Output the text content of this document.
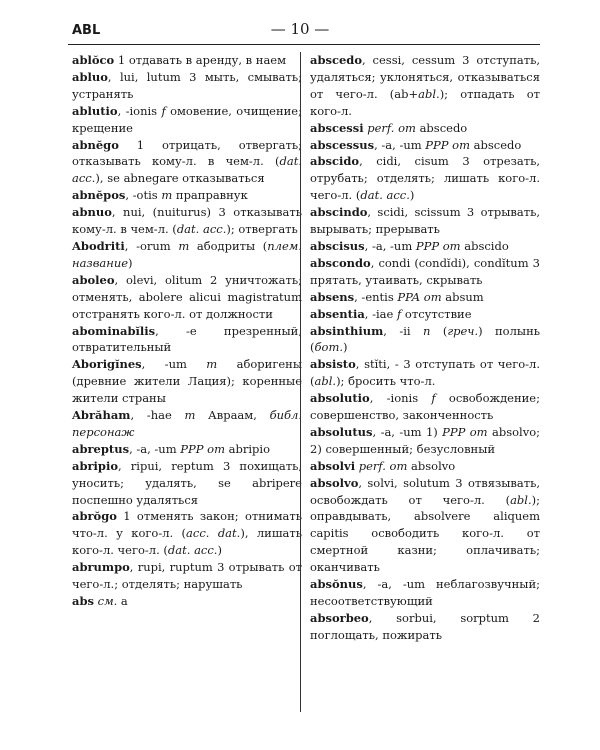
ABL	— 10 —

ablŏco 1 отдавать в аренду, в наем

abluo, lui, lutum 3 мыть, смывать; устранять

ablutio, -ionis f омовение, очищение; крещение

abnĕgo 1 отрицать, отвергать; отказывать кому-л. в чем-л. (dat. acc.), se abnegare отказываться

abnĕpos, -otis m праправнук

abnuo, nui, (nuiturus) 3 отказывать кому-л. в чем-л. (dat. acc.); отвергать

Abodriti, -orum m абодриты (плем. название)

aboleo, olevi, olitum 2 уничтожать; отменять, abolere alicui magistratum отстранять кого-л. от должности

abominabĭlis, -e презренный, отвратительный

Aborigĭnes, -um m аборигены (древние жители Лация); коренные жители страны

Abrăham, -hae m Авраам, библ. персонаж

abreptus, -a, -um PPP от abripio

abripio, ripui, reptum 3 похищать, уносить; удалять, se abripere поспешно удаляться

abrŏgo 1 отменять закон; отнимать что-л. у кого-л. (acc. dat.), лишать кого-л. чего-л. (dat. acc.)

abrumpo, rupi, ruptum 3 отрывать от чего-л.; отделять; нарушать

abs см. a

abscedo, cessi, cessum 3 отступать, удаляться; уклоняться, отказываться от чего-л. (ab+abl.); отпадать от кого-л.

abscessi perf. от abscedo

abscessus, -a, -um PPP от abscedo

abscido, cidi, cisum 3 отрезать, отрубать; отделять; лишать кого-л. чего-л. (dat. acc.)

abscindo, scidi, scissum 3 отрывать, вырывать; прерывать

abscisus, -a, -um PPP от abscido

abscondo, condi (condĭdi), condĭtum 3 прятать, утаивать, скрывать

absens, -entis PPA от absum

absentia, -iae f отсутствие

absinthium, -ii n (греч.) полынь (бот.)

absisto, stĭti, - 3 отступать от чего-л. (abl.); бросить что-л.

absolutio, -ionis f освобождение; совершенство, законченность

absolutus, -a, -um 1) PPP от absolvo; 2) совершенный; безусловный

absolvi perf. от absolvo

absolvo, solvi, solutum 3 отвязывать, освобождать от чего-л. (abl.); оправдывать, absolvere aliquem capitis освободить кого-л. от смертной казни; оплачивать; оканчивать

absŏnus, -a, -um неблагозвучный; несоответствующий

absorbeo, sorbui, sorptum 2 поглощать, пожирать
